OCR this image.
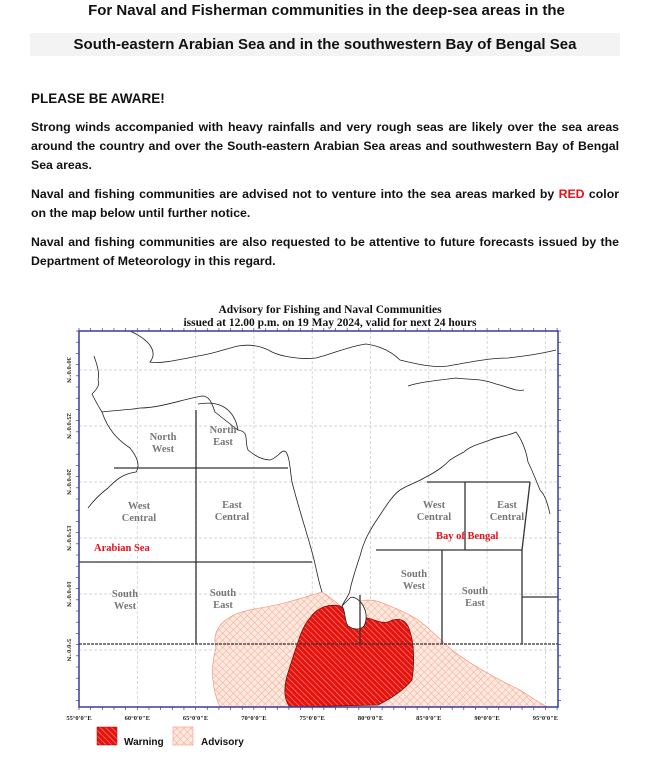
For Naval and Fisherman communities in the deep-sea areas in the
South-eastern Arabian Sea and in the southwestern Bay of Bengal Sea
PLEASE BE AWARE!
Strong winds accompanied with heavy rainfalls and very rough seas are likely over the sea areas around the country and over the South-eastern Arabian Sea areas and southwestern Bay of Bengal Sea areas.
Naval and fishing communities are advised not to venture into the sea areas marked by RED color on the map below until further notice.
Naval and fishing communities are also requested to be attentive to future forecasts issued by the Department of Meteorology in this regard.
Advisory for Fishing and Naval Communities
issued at 12.00 p.m. on 19 May 2024, valid for next 24 hours
North
West
North
East
West
Central
East
Central
South
West
South
East
West
Central
East
Central
South
West	South
East
Arabian Sea
Bay of Bengal
55°0'0"E	60°0'0"E	65°0'0"E	70°0'0"E	75°0'0"E	80°0'0"E	85°0'0"E	90°0'0"E	95°0'0"E
30°0'0"N
25°0'0"N
20°0'0"N
15°0'0"N
10°0'0"N
5°0'0"N
Warning	Advisory
